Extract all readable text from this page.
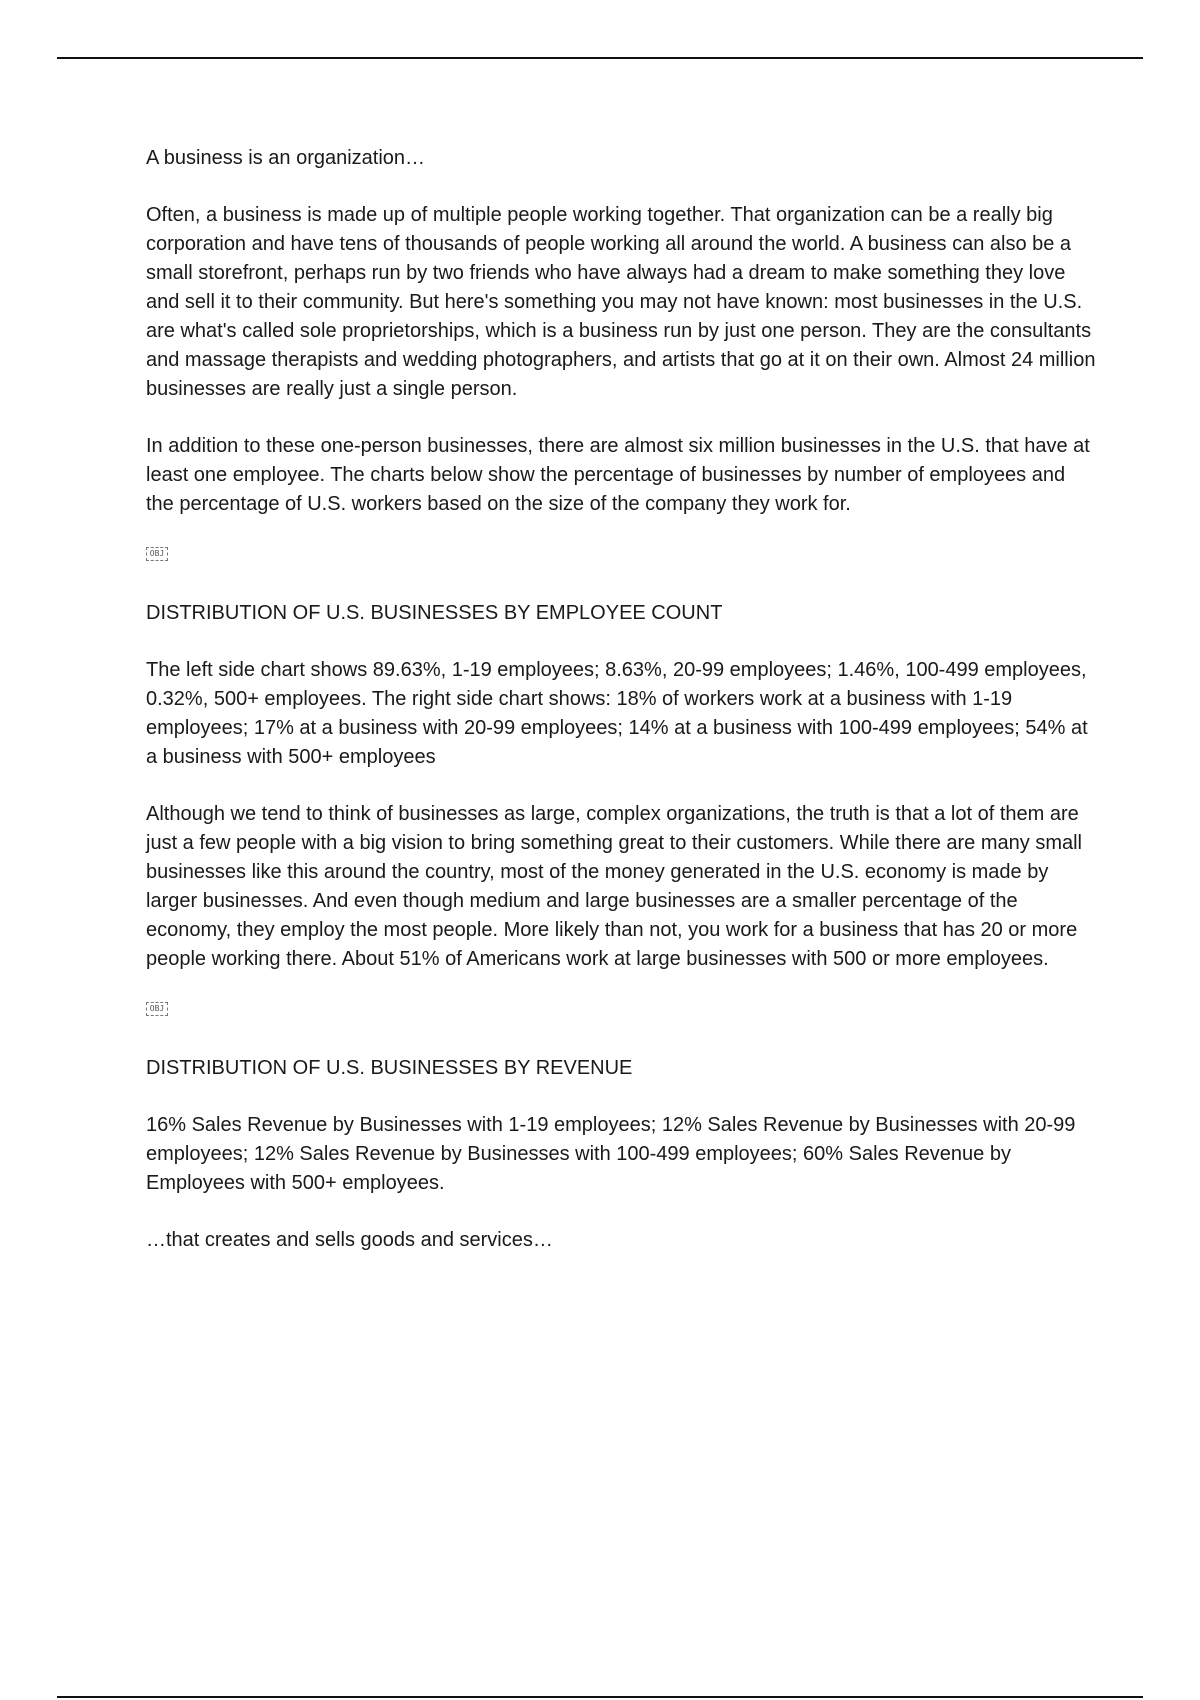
A business is an organization…

Often, a business is made up of multiple people working together. That organization can be a really big corporation and have tens of thousands of people working all around the world. A business can also be a small storefront, perhaps run by two friends who have always had a dream to make something they love and sell it to their community. But here's something you may not have known: most businesses in the U.S. are what's called sole proprietorships, which is a business run by just one person. They are the consultants and massage therapists and wedding photographers, and artists that go at it on their own. Almost 24 million businesses are really just a single person.

In addition to these one-person businesses, there are almost six million businesses in the U.S. that have at least one employee. The charts below show the percentage of businesses by number of employees and the percentage of U.S. workers based on the size of the company they work for.

OBJ

DISTRIBUTION OF U.S. BUSINESSES BY EMPLOYEE COUNT

The left side chart shows 89.63%, 1-19 employees; 8.63%, 20-99 employees; 1.46%, 100-499 employees, 0.32%, 500+ employees. The right side chart shows: 18% of workers work at a business with 1-19 employees; 17% at a business with 20-99 employees; 14% at a business with 100-499 employees; 54% at a business with 500+ employees

Although we tend to think of businesses as large, complex organizations, the truth is that a lot of them are just a few people with a big vision to bring something great to their customers. While there are many small businesses like this around the country, most of the money generated in the U.S. economy is made by larger businesses. And even though medium and large businesses are a smaller percentage of the economy, they employ the most people. More likely than not, you work for a business that has 20 or more people working there. About 51% of Americans work at large businesses with 500 or more employees.

OBJ

DISTRIBUTION OF U.S. BUSINESSES BY REVENUE

16% Sales Revenue by Businesses with 1-19 employees; 12% Sales Revenue by Businesses with 20-99 employees; 12% Sales Revenue by Businesses with 100-499 employees; 60% Sales Revenue by Employees with 500+ employees.

…that creates and sells goods and services…
